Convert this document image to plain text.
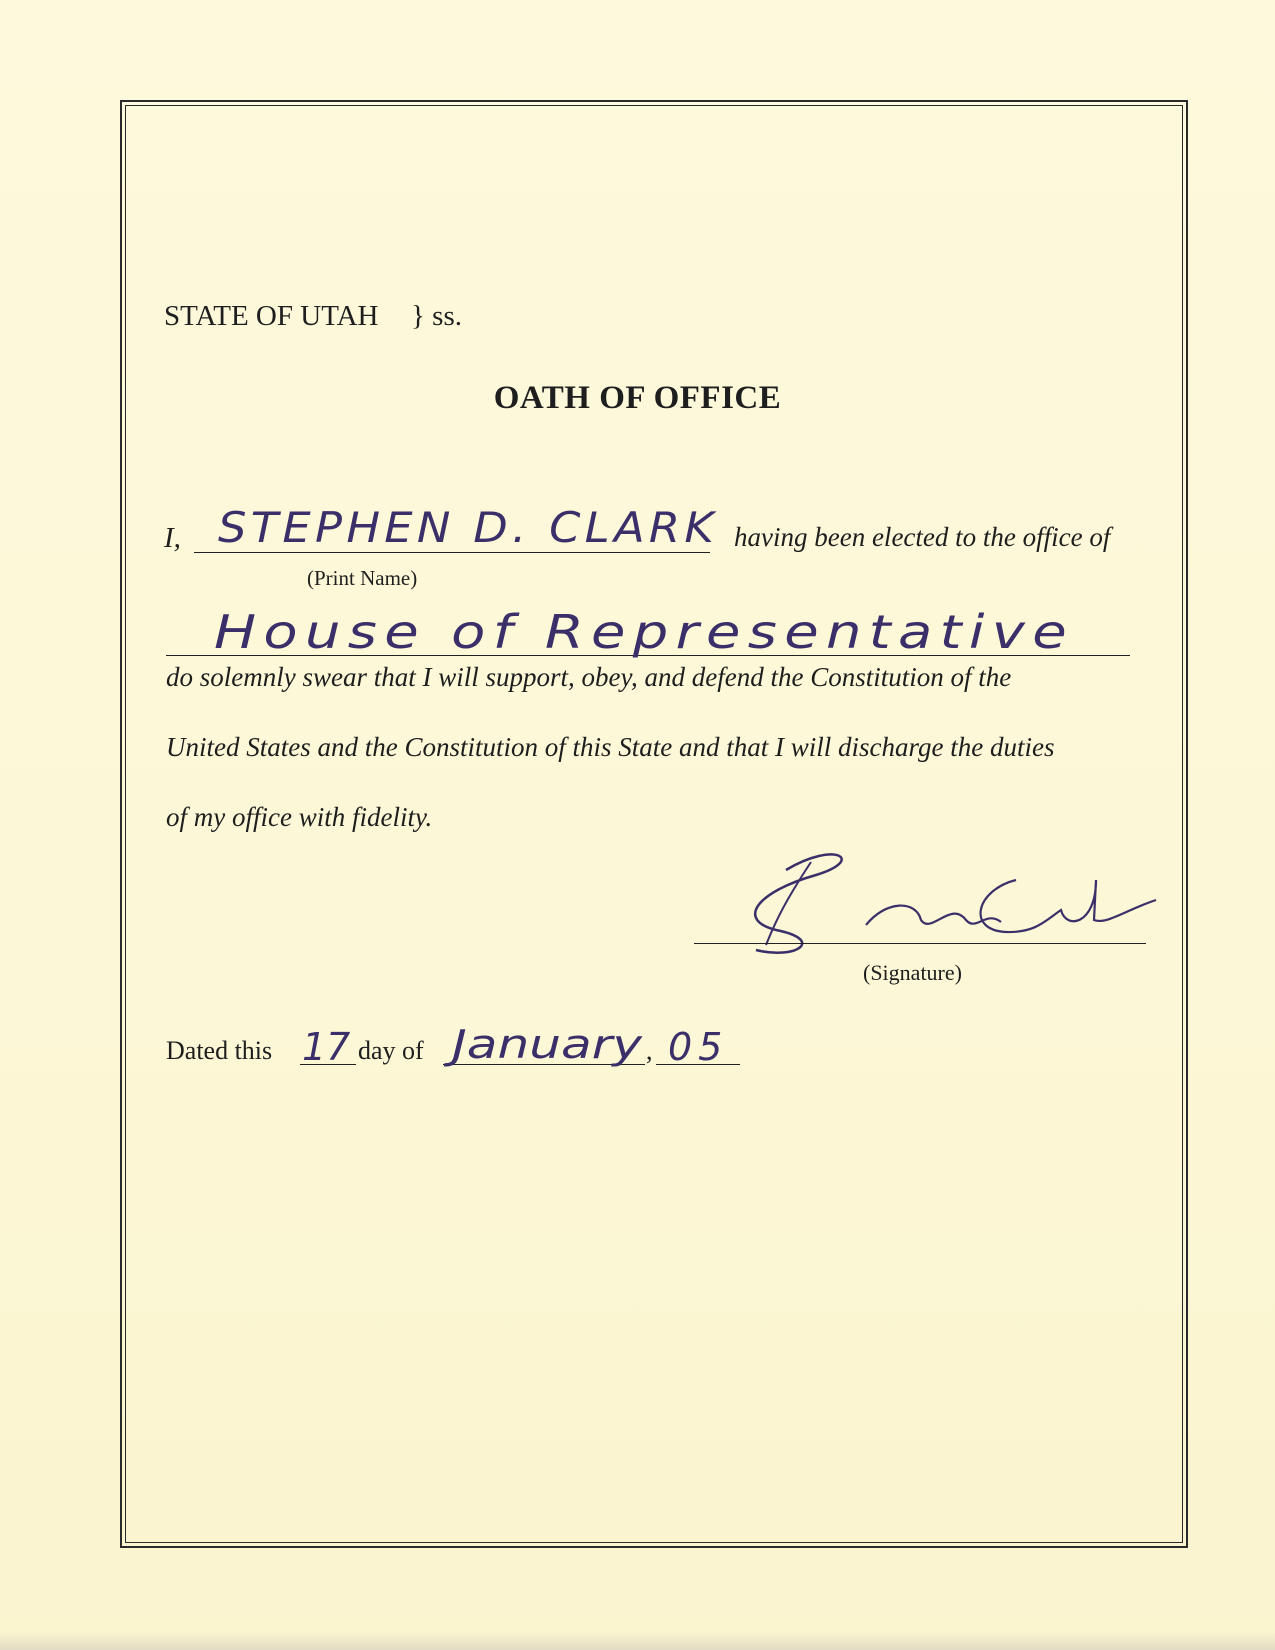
STATE OF UTAH } ss.
OATH OF OFFICE
I, STEPHEN D. CLARK having been elected to the office of
(Print Name)
House of Representative
do solemnly swear that I will support, obey, and defend the Constitution of the
United States and the Constitution of this State and that I will discharge the duties
of my office with fidelity.
(Signature)
Dated this 17 day of January , 05
